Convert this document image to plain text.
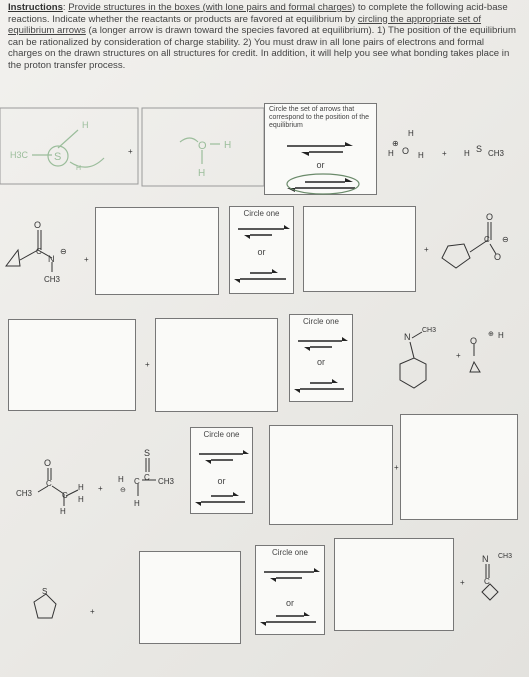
Instructions: Provide structures in the boxes (with lone pairs and formal charges) to complete the following acid-base reactions. Indicate whether the reactants or products are favored at equilibrium by circling the appropriate set of equilibrium arrows (a longer arrow is drawn toward the species favored at equilibrium). 1) The position of the equilibrium can be rationalized by consideration of charge stability. 2) You must draw in all lone pairs of electrons and formal charges on the drawn structures on all structures for credit. In addition, it will help you see what bonding takes place in the proton transfer process.
H3C S
H
H
+	O H
H
Circle the set of arrows that correspond to the position of the equilibrium
or
H
⊕
H O H + H S CH3
O
C ⊖
N
CH3
+
Circle one
or	+
O
C ⊖
O
+
Circle one
or
N
CH3
+
⊕ H
O
O
C
CH3	C
H
H
H
+
S
H C C CH3
⊖
H
Circle one
or
+
S
+
Circle one
or
+
N CH3
C
